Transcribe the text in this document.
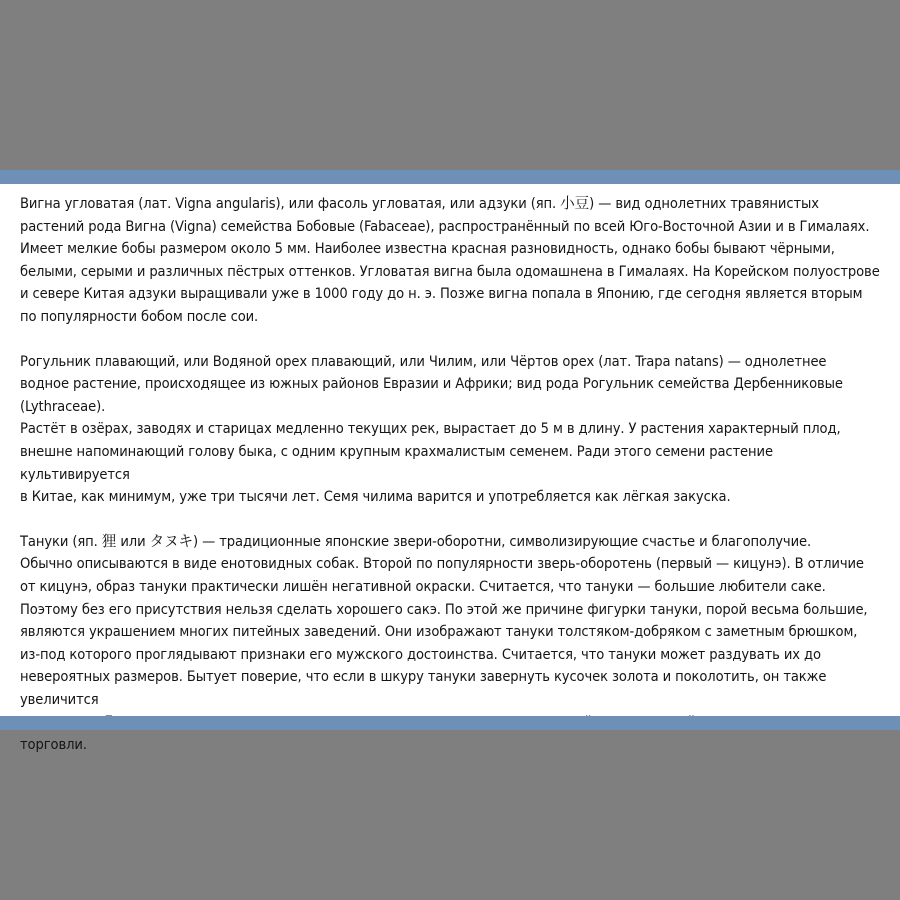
Вигна угловатая (лат. Vigna angularis), или фасоль угловатая, или адзуки (яп. 小豆) — вид однолетних травянистых
растений рода Вигна (Vigna) семейства Бобовые (Fabaceae), распространённый по всей Юго-Восточной Азии и в Гималаях.
Имеет мелкие бобы размером около 5 мм. Наиболее известна красная разновидность, однако бобы бывают чёрными,
белыми, серыми и различных пёстрых оттенков. Угловатая вигна была одомашнена в Гималаях. На Корейском полуострове
и севере Китая адзуки выращивали уже в 1000 году до н. э. Позже вигна попала в Японию, где сегодня является вторым
по популярности бобом после сои.

Рогульник плавающий, или Водяной орех плавающий, или Чилим, или Чёртов орех (лат. Trapa natans) — однолетнее
водное растение, происходящее из южных районов Евразии и Африки; вид рода Рогульник семейства Дербенниковые
(Lythraceae).
Растёт в озёрах, заводях и старицах медленно текущих рек, вырастает до 5 м в длину. У растения характерный плод,
внешне напоминающий голову быка, с одним крупным крахмалистым семенем. Ради этого семени растение культивируется
в Китае, как минимум, уже три тысячи лет. Семя чилима варится и употребляется как лёгкая закуска.

Тануки (яп. 狸 или タヌキ) — традиционные японские звери-оборотни, символизирующие счастье и благополучие.
Обычно описываются в виде енотовидных собак. Второй по популярности зверь-оборотень (первый — кицунэ). В отличие
от кицунэ, образ тануки практически лишён негативной окраски. Считается, что тануки — большие любители саке.
Поэтому без его присутствия нельзя сделать хорошего сакэ. По этой же причине фигурки тануки, порой весьма большие,
являются украшением многих питейных заведений. Они изображают тануки толстяком-добряком с заметным брюшком,
из-под которого проглядывают признаки его мужского достоинства. Считается, что тануки может раздувать их до
невероятных размеров. Бытует поверие, что если в шкуру тануки завернуть кусочек золота и поколотить, он также увеличится

торговли.
